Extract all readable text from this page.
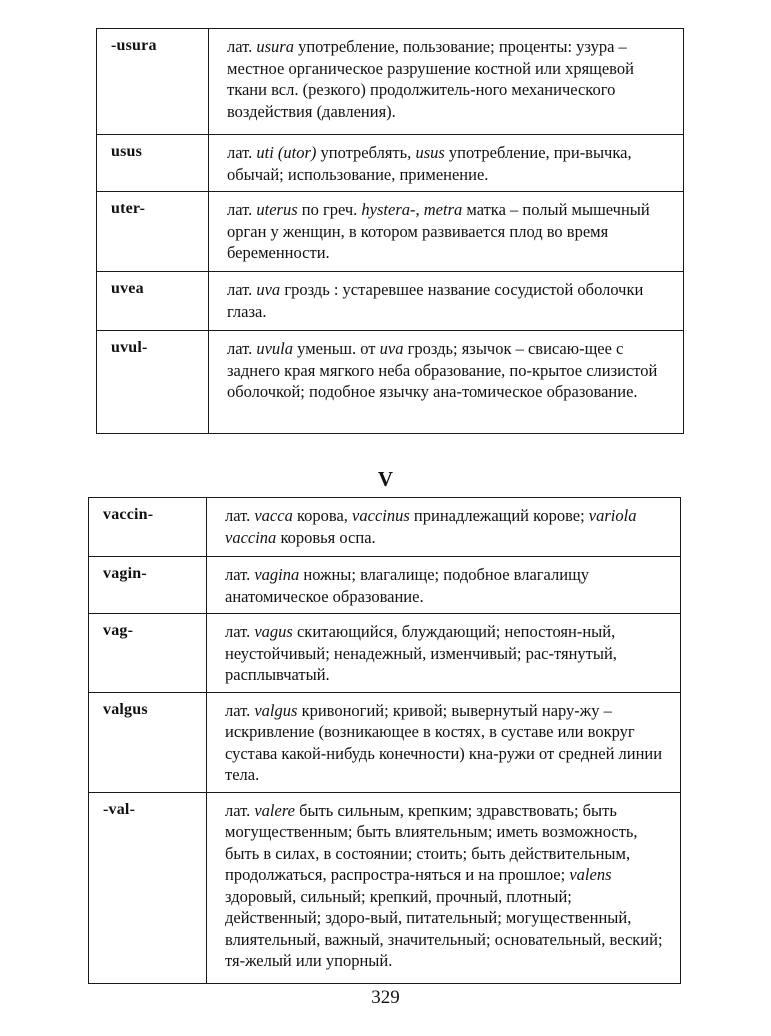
-usura	лат. usura употребление, пользование; проценты: узура – местное органическое разрушение костной или хрящевой ткани всл. (резкого) продолжитель-ного механического воздействия (давления).
usus	лат. uti (utor) употреблять, usus употребление, при-вычка, обычай; использование, применение.
uter-	лат. uterus по греч. hystera-, metra матка – полый мышечный орган у женщин, в котором развивается плод во время беременности.
uvea	лат. uva гроздь : устаревшее название сосудистой оболочки глаза.
uvul-	лат. uvula уменьш. от uva гроздь; язычок – свисаю-щее с заднего края мягкого неба образование, по-крытое слизистой оболочкой; подобное язычку ана-томическое образование.
V
vaccin-	лат. vacca корова, vaccinus принадлежащий корове; variola vaccina коровья оспа.
vagin-	лат. vagina ножны; влагалище; подобное влагалищу анатомическое образование.
vag-	лат. vagus скитающийся, блуждающий; непостоян-ный, неустойчивый; ненадежный, изменчивый; рас-тянутый, расплывчатый.
valgus	лат. valgus кривоногий; кривой; вывернутый нару-жу – искривление (возникающее в костях, в суставе или вокруг сустава какой-нибудь конечности) кна-ружи от средней линии тела.
-val-	лат. valere быть сильным, крепким; здравствовать; быть могущественным; быть влиятельным; иметь возможность, быть в силах, в состоянии; стоить; быть действительным, продолжаться, распростра-няться и на прошлое; valens здоровый, сильный; крепкий, прочный, плотный; действенный; здоро-вый, питательный; могущественный, влиятельный, важный, значительный; основательный, веский; тя-желый или упорный.
329
